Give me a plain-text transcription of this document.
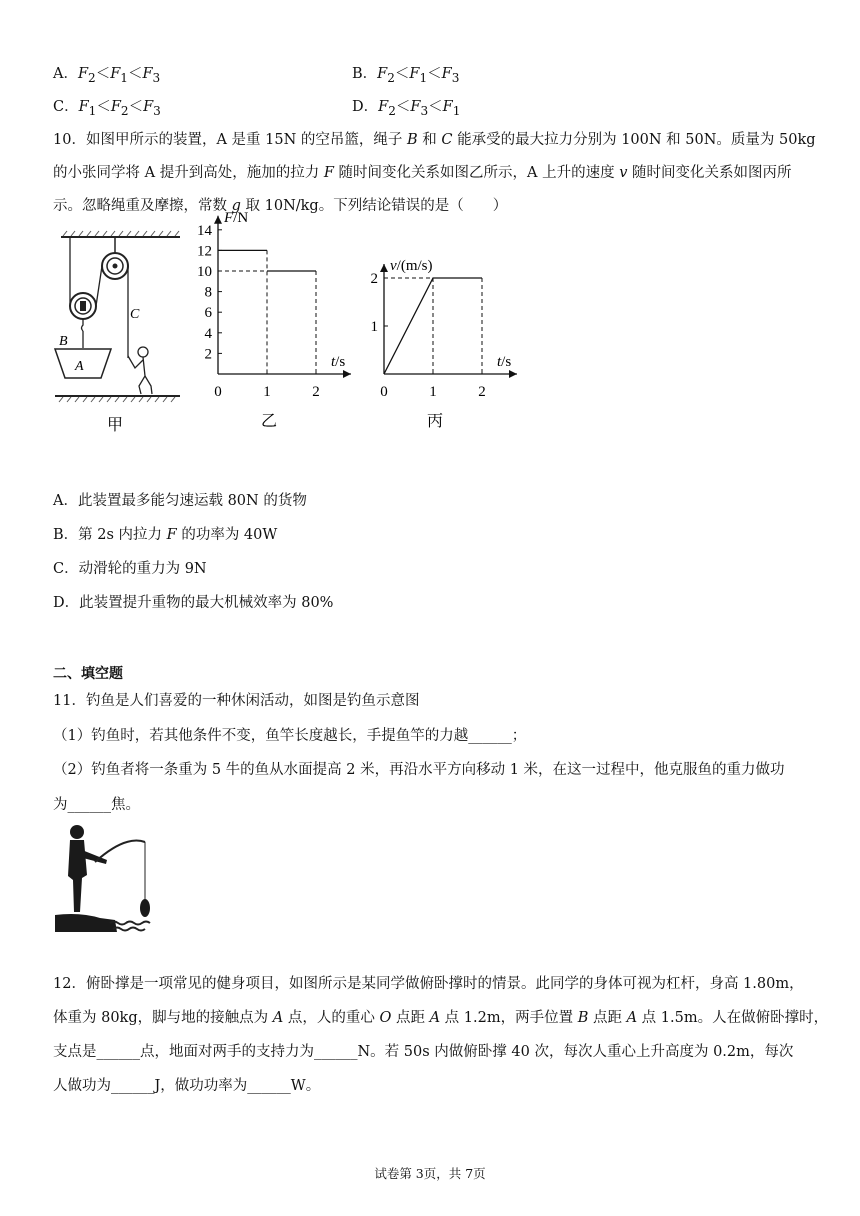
A．$F_2<F_1<F_3$	B．$F_2<F_1<F_3$
C．$F_1<F_2<F_3$	D．$F_2<F_3<F_1$
10．如图甲所示的装置，A 是重 15N 的空吊篮，绳子 B 和 C 能承受的最大拉力分别为 100N 和 50N。质量为 50kg
的小张同学将 A 提升到高处，施加的拉力 F 随时间变化关系如图乙所示，A 上升的速度 v 随时间变化关系如图丙所
示。忽略绳重及摩擦，常数 g 取 10N/kg。下列结论错误的是（　　）
A
B
C
甲
2
4
6
8
10
12
14
0	1	2
F/N
t/s
乙
1
2
0	1	2
v/(m/s)
t/s
丙
A．此装置最多能匀速运载 80N 的货物
B．第 2s 内拉力 F 的功率为 40W
C．动滑轮的重力为 9N
D．此装置提升重物的最大机械效率为 80%
二、填空题
11．钓鱼是人们喜爱的一种休闲活动，如图是钓鱼示意图
（1）钓鱼时，若其他条件不变，鱼竿长度越长，手提鱼竿的力越______；
（2）钓鱼者将一条重为 5 牛的鱼从水面提高 2 米，再沿水平方向移动 1 米，在这一过程中，他克服鱼的重力做功
为______焦。
12．俯卧撑是一项常见的健身项目，如图所示是某同学做俯卧撑时的情景。此同学的身体可视为杠杆，身高 1.80m，
体重为 80kg，脚与地的接触点为 A 点，人的重心 O 点距 A 点 1.2m，两手位置 B 点距 A 点 1.5m。人在做俯卧撑时，
支点是______点，地面对两手的支持力为______N。若 50s 内做俯卧撑 40 次，每次人重心上升高度为 0.2m，每次
人做功为______J，做功功率为______W。
试卷第 3页，共 7页
